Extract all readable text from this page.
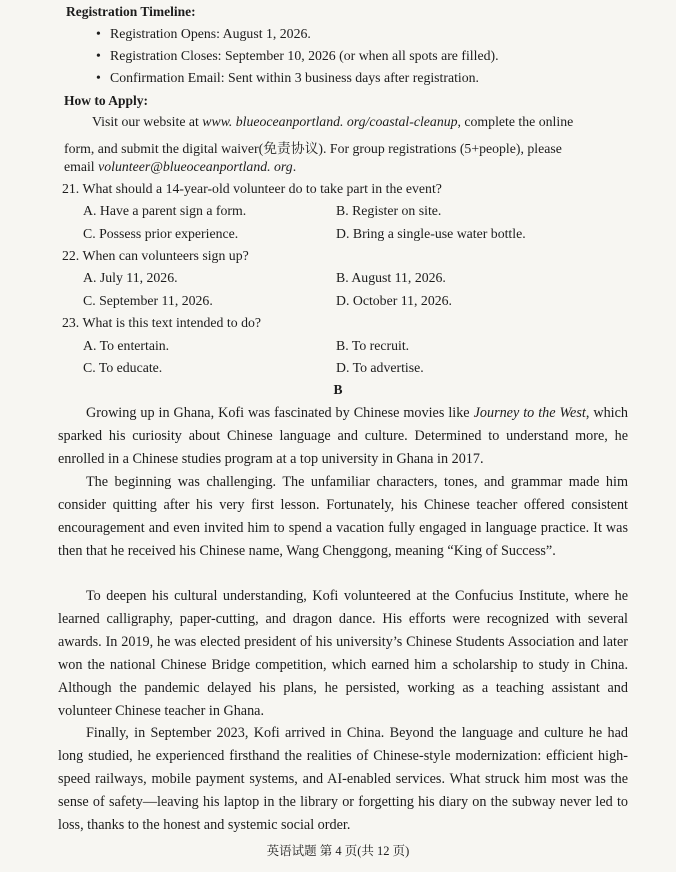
Registration Timeline:
• Registration Opens: August 1, 2026.
• Registration Closes: September 10, 2026 (or when all spots are filled).
• Confirmation Email: Sent within 3 business days after registration.
How to Apply:
Visit our website at www. blueoceanportland. org/coastal-cleanup, complete the online
form, and submit the digital waiver(免责协议). For group registrations (5+people), please
email volunteer@blueoceanportland. org.
21. What should a 14-year-old volunteer do to take part in the event?
A. Have a parent sign a form.	B. Register on site.
C. Possess prior experience.	D. Bring a single-use water bottle.
22. When can volunteers sign up?
A. July 11, 2026.	B. August 11, 2026.
C. September 11, 2026.	D. October 11, 2026.
23. What is this text intended to do?
A. To entertain.	B. To recruit.
C. To educate.	D. To advertise.
B

Growing up in Ghana, Kofi was fascinated by Chinese movies like Journey to the West, which sparked his curiosity about Chinese language and culture. Determined to understand more, he enrolled in a Chinese studies program at a top university in Ghana in 2017.

The beginning was challenging. The unfamiliar characters, tones, and grammar made him consider quitting after his very first lesson. Fortunately, his Chinese teacher offered consistent encouragement and even invited him to spend a vacation fully engaged in language practice. It was then that he received his Chinese name, Wang Chenggong, meaning “King of Success”.

To deepen his cultural understanding, Kofi volunteered at the Confucius Institute, where he learned calligraphy, paper-cutting, and dragon dance. His efforts were recognized with several awards. In 2019, he was elected president of his university’s Chinese Students Association and later won the national Chinese Bridge competition, which earned him a scholarship to study in China. Although the pandemic delayed his plans, he persisted, working as a teaching assistant and volunteer Chinese teacher in Ghana.

Finally, in September 2023, Kofi arrived in China. Beyond the language and culture he had long studied, he experienced firsthand the realities of Chinese-style modernization: efficient high-speed railways, mobile payment systems, and AI-enabled services. What struck him most was the sense of safety—leaving his laptop in the library or forgetting his diary on the subway never led to loss, thanks to the honest and systemic social order.

英语试题 第 4 页(共 12 页)
